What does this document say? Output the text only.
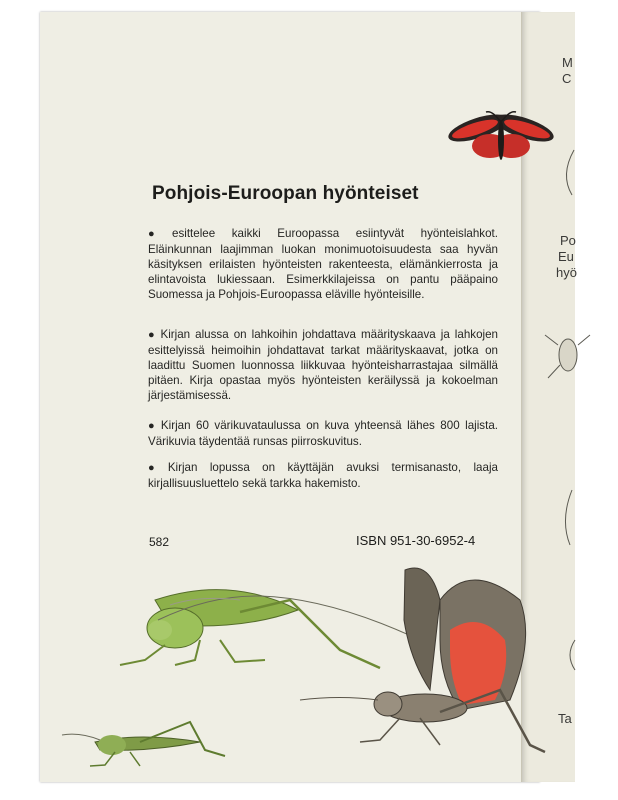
M
C
Po
Eu
hyö
Ta
Pohjois-Euroopan hyönteiset

● esittelee kaikki Euroopassa esiintyvät hyönteislahkot. Eläinkunnan laajimman luokan monimuotoisuudesta saa hyvän käsityksen erilaisten hyönteisten rakenteesta, elämänkierrosta ja elintavoista lukiessaan. Esimerkkilajeissa on pantu pääpaino Suomessa ja Pohjois-Euroopassa eläville hyönteisille.

● Kirjan alussa on lahkoihin johdattava määrityskaava ja lahkojen esittelyissä heimoihin johdattavat tarkat määrityskaavat, jotka on laadittu Suomen luonnossa liikkuvaa hyönteisharrastajaa silmällä pitäen. Kirja opastaa myös hyönteisten keräilyssä ja kokoelman järjestämisessä.

● Kirjan 60 värikuvataulussa on kuva yhteensä lähes 800 lajista. Värikuvia täydentää runsas piirroskuvitus.

● Kirjan lopussa on käyttäjän avuksi termisanasto, laaja kirjallisuusluettelo sekä tarkka hakemisto.

582	ISBN 951-30-6952-4
